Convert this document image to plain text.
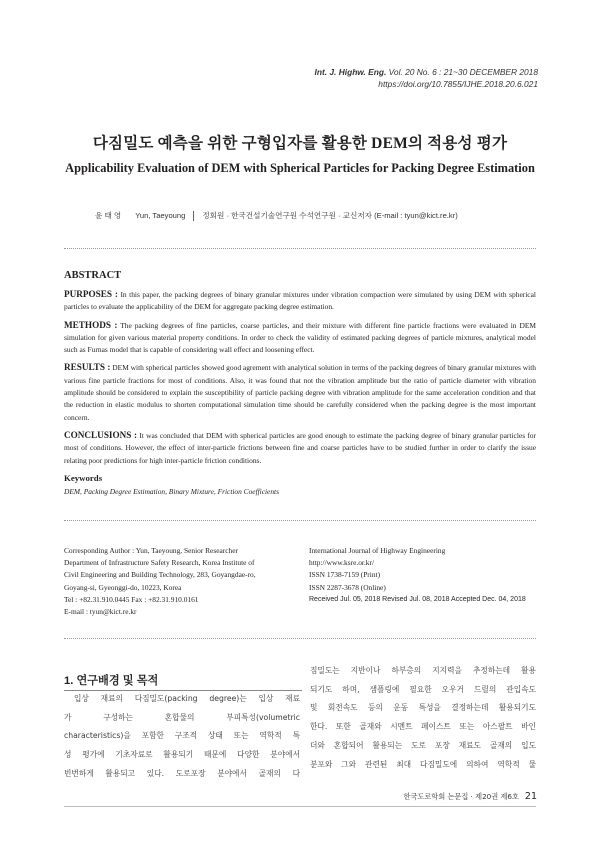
Int. J. Highw. Eng. Vol. 20 No. 6 : 21~30 DECEMBER 2018
https://doi.org/10.7855/IJHE.2018.20.6.021
다짐밀도 예측을 위한 구형입자를 활용한 DEM의 적용성 평가
Applicability Evaluation of DEM with Spherical Particles for Packing Degree Estimation
윤 태 영 Yun, Taeyoung 정회원 · 한국건설기술연구원 수석연구원 · 교신저자 (E-mail : tyun@kict.re.kr)
ABSTRACT

PURPOSES : In this paper, the packing degrees of binary granular mixtures under vibration compaction were simulated by using DEM with spherical particles to evaluate the applicability of the DEM for aggregate packing degree estimation.

METHODS : The packing degrees of fine particles, coarse particles, and their mixture with different fine particle fractions were evaluated in DEM simulation for given various material property conditions. In order to check the validity of estimated packing degrees of particle mixtures, analytical model such as Furnas model that is capable of considering wall effect and loosening effect.

RESULTS : DEM with spherical particles showed good agrement with analytical solution in terms of the packing degrees of binary granular mixtures with various fine particle fractions for most of conditions. Also, it was found that not the vibration amplitude but the ratio of particle diameter with vibration amplitude should be considered to explain the susceptibility of particle packing degree with vibration amplitude for the same acceleration condition and that the reduction in elastic modulus to shorten computational simulation time should be carefully considered when the packing degree is the most important concern.

CONCLUSIONS : It was concluded that DEM with spherical particles are good enough to estimate the packing degree of binary granular particles for most of conditions. However, the effect of inter-particle frictions between fine and coarse particles have to be studied further in order to clarify the issue relating poor predictions for high inter-particle friction conditions.

Keywords
DEM, Packing Degree Estimation, Binary Mixture, Friction Coefficients
Corresponding Author : Yun, Taeyoung, Senior Researcher
Department of Infrastructure Safety Research, Korea Institute of
Civil Engineering and Building Technology, 283, Goyangdae-ro,
Goyang-si, Gyeonggi-do, 10223, Korea
Tel : +82.31.910.0445 Fax : +82.31.910.0161
E-mail : tyun@kict.re.kr
International Journal of Highway Engineering
http://www.ksre.or.kr/
ISSN 1738-7159 (Print)
ISSN 2287-3678 (Online)
Received Jul. 05, 2018 Revised Jul. 08, 2018 Accepted Dec. 04, 2018
1. 연구배경 및 목적
입상 재료의 다짐밀도(packing degree)는 입상 재료
가 구성하는 혼합물의 부피특성(volumetric
characteristics)을 포함한 구조적 상태 또는 역학적 특
성 평가에 기초자료로 활용되기 때문에 다양한 분야에서
빈번하게 활용되고 있다. 도로포장 분야에서 골재의 다
짐밀도는 지반이나 하부층의 지지력을 추정하는데 활용
되기도 하며, 샘플링에 필요한 오우거 드릴의 관입속도
및 회전속도 등의 운동 특성을 결정하는데 활용되기도
한다. 또한 골재와 시멘트 페이스트 또는 아스팔트 바인
더와 혼합되어 활용되는 도로 포장 재료도 골재의 입도
분포와 그와 관련된 최대 다짐밀도에 의하여 역학적 물
한국도로학회 논문집 · 제20권 제6호 21
